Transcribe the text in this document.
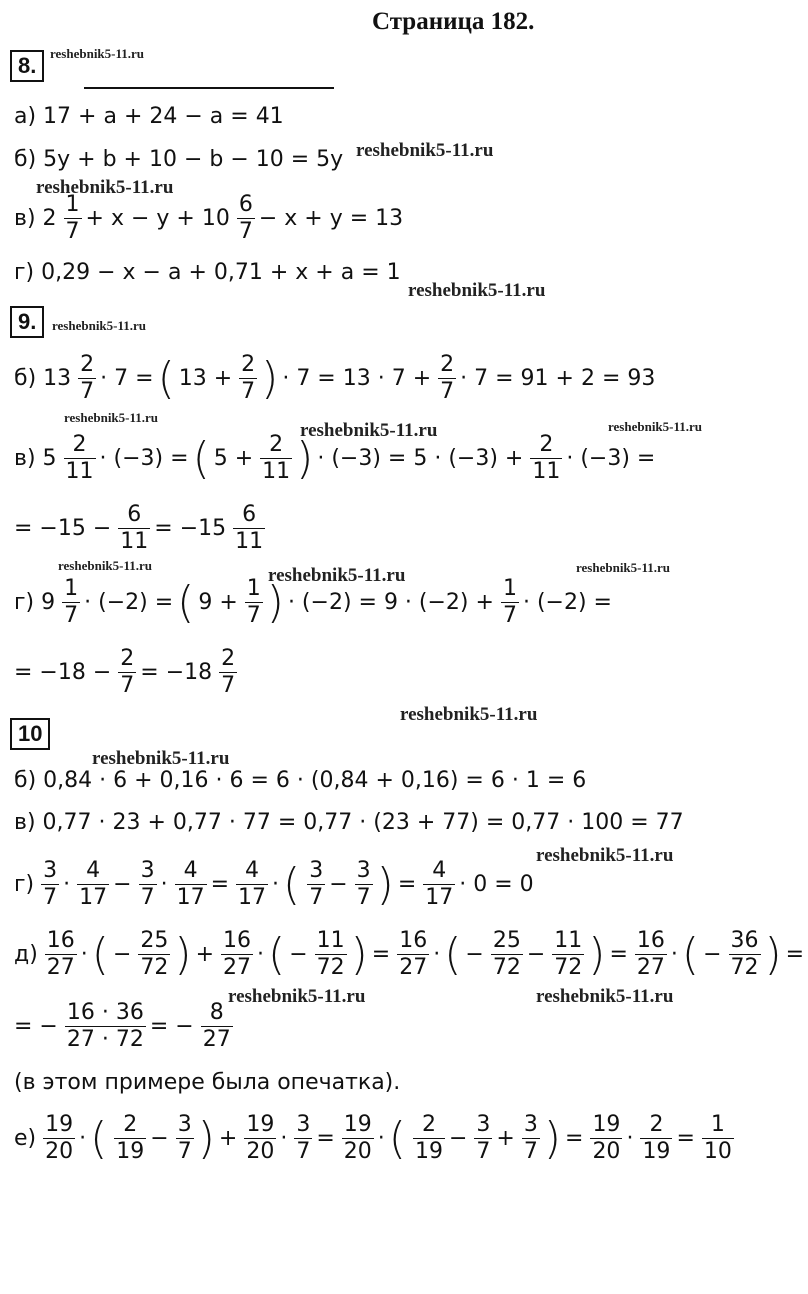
Страница 182.
8.	reshebnik5-11.ru
а) 17 + a + 24 − a = 41
б) 5y + b + 10 − b − 10 = 5y reshebnik5-11.ru
reshebnik5-11.ru
в) 2
1
7
+ x − y + 10
6
7
− x + y = 13
г) 0,29 − x − a + 0,71 + x + a = 1
reshebnik5-11.ru
9.	reshebnik5-11.ru
б) 13
2
7
· 7 = ( $13 + \frac{2}{7}$ ) · $7 = 13 \cdot 7 + \frac{2}{7} \cdot 7 = 91 + 2 = 93$
reshebnik5-11.ru
reshebnik5-11.ru	reshebnik5-11.ru
в) 5
2
11
· (−3) = ( $5 + \frac{2}{11}$ ) · $(-3) = 5 \cdot (-3) + \frac{2}{11} \cdot (-3)$ =
= $-15 - \frac{6}{11} = -15$
6
11
reshebnik5-11.ru	reshebnik5-11.ru	reshebnik5-11.ru
г) 9
1
7
· (−2) = ( $9 + \frac{1}{7}$ ) · $(-2) = 9 \cdot (-2) + \frac{1}{7} \cdot (-2)$ =
= $-18 - \frac{2}{7} = -18$
2
7
10
reshebnik5-11.ru
reshebnik5-11.ru
б) 0,84 · 6 + 0,16 · 6 = 6 · (0,84 + 0,16) = 6 · 1 = 6
в) 0,77 · 23 + 0,77 · 77 = 0,77 · (23 + 77) = 0,77 · 100 = 77
reshebnik5-11.ru
г)
3
7
·
4
17
− $\frac{3}{7} \cdot \frac{4}{17} = \frac{4}{17}$ · ( 3
7
− $\frac{3}{7}$ ) = $\frac{4}{17} \cdot 0 = 0$
д)
16
27
· ( − $\frac{25}{72}$ ) + $\frac{16}{27}$ · ( − $\frac{11}{72}$ ) = $\frac{16}{27}$ · ( − $\frac{25}{72} - \frac{11}{72}$ ) = $\frac{16}{27}$ · ( − $\frac{36}{72}$ ) =
reshebnik5-11.ru	reshebnik5-11.ru
= − $\frac{16 \cdot 36}{27 \cdot 72}$ = − $\frac{8}{27}$
(в этом примере была опечатка).
е)
19
20
· ( 2
19
− $\frac{3}{7}$ ) + $\frac{19}{20} \cdot \frac{3}{7} = \frac{19}{20}$ · ( 2
19
− $\frac{3}{7} + \frac{3}{7}$ ) = $\frac{19}{20} \cdot \frac{2}{19} = \frac{1}{10}$
